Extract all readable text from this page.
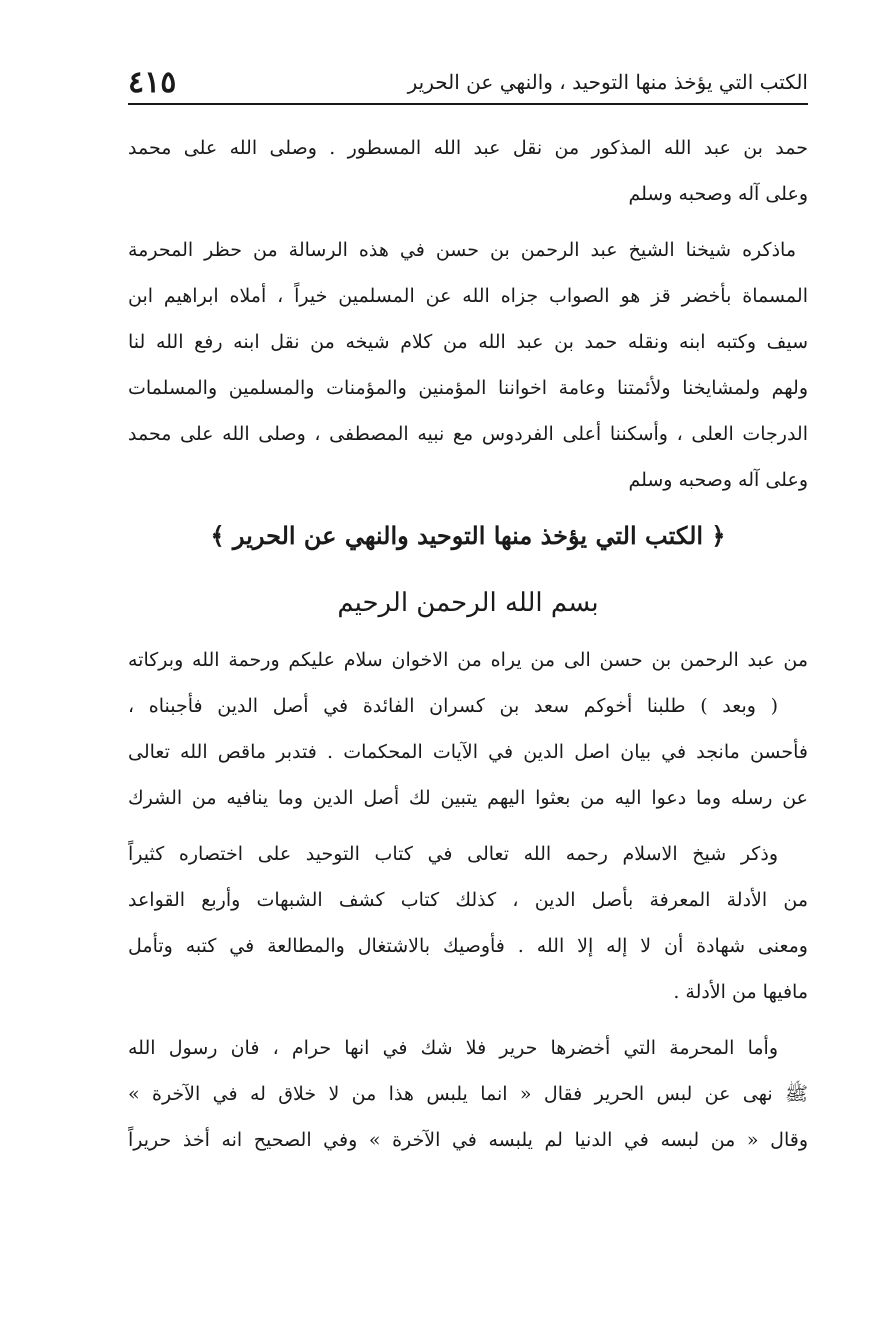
الكتب التي يؤخذ منها التوحيد ، والنهي عن الحرير
٤١٥
حمد بن عبد الله المذكور من نقل عبد الله المسطور . وصلى الله على محمد
وعلى آله وصحبه وسلم
ماذكره شيخنا الشيخ عبد الرحمن بن حسن في هذه الرسالة من حظر المحرمة
المسماة بأخضر قز هو الصواب جزاه الله عن المسلمين خيراً ، أملاه ابراهيم ابن
سيف وكتبه ابنه ونقله حمد بن عبد الله من كلام شيخه من نقل ابنه رفع الله لنا
ولهم ولمشايخنا ولأئمتنا وعامة اخواننا المؤمنين والمؤمنات والمسلمين والمسلمات
الدرجات العلى ، وأسكننا أعلى الفردوس مع نبيه المصطفى ، وصلى الله على محمد
وعلى آله وصحبه وسلم
﴿ الكتب التي يؤخذ منها التوحيد والنهي عن الحرير ﴾
بسم الله الرحمن الرحيم
من عبد الرحمن بن حسن الى من يراه من الاخوان سلام عليكم ورحمة الله وبركاته
( وبعد ) طلبنا أخوكم سعد بن كسران الفائدة في أصل الدين فأجبناه ،
فأحسن مانجد في بيان اصل الدين في الآيات المحكمات . فتدبر ماقص الله تعالى
عن رسله وما دعوا اليه من بعثوا اليهم يتبين لك أصل الدين وما ينافيه من الشرك
وذكر شيخ الاسلام رحمه الله تعالى في كتاب التوحيد على اختصاره كثيراً
من الأدلة المعرفة بأصل الدين ، كذلك كتاب كشف الشبهات وأربع القواعد
ومعنى شهادة أن لا إله إلا الله . فأوصيك بالاشتغال والمطالعة في كتبه وتأمل
مافيها من الأدلة .
وأما المحرمة التي أخضرها حرير فلا شك في انها حرام ، فان رسول الله
ﷺ نهى عن لبس الحرير فقال « انما يلبس هذا من لا خلاق له في الآخرة »
وقال « من لبسه في الدنيا لم يلبسه في الآخرة » وفي الصحيح انه أخذ حريراً
